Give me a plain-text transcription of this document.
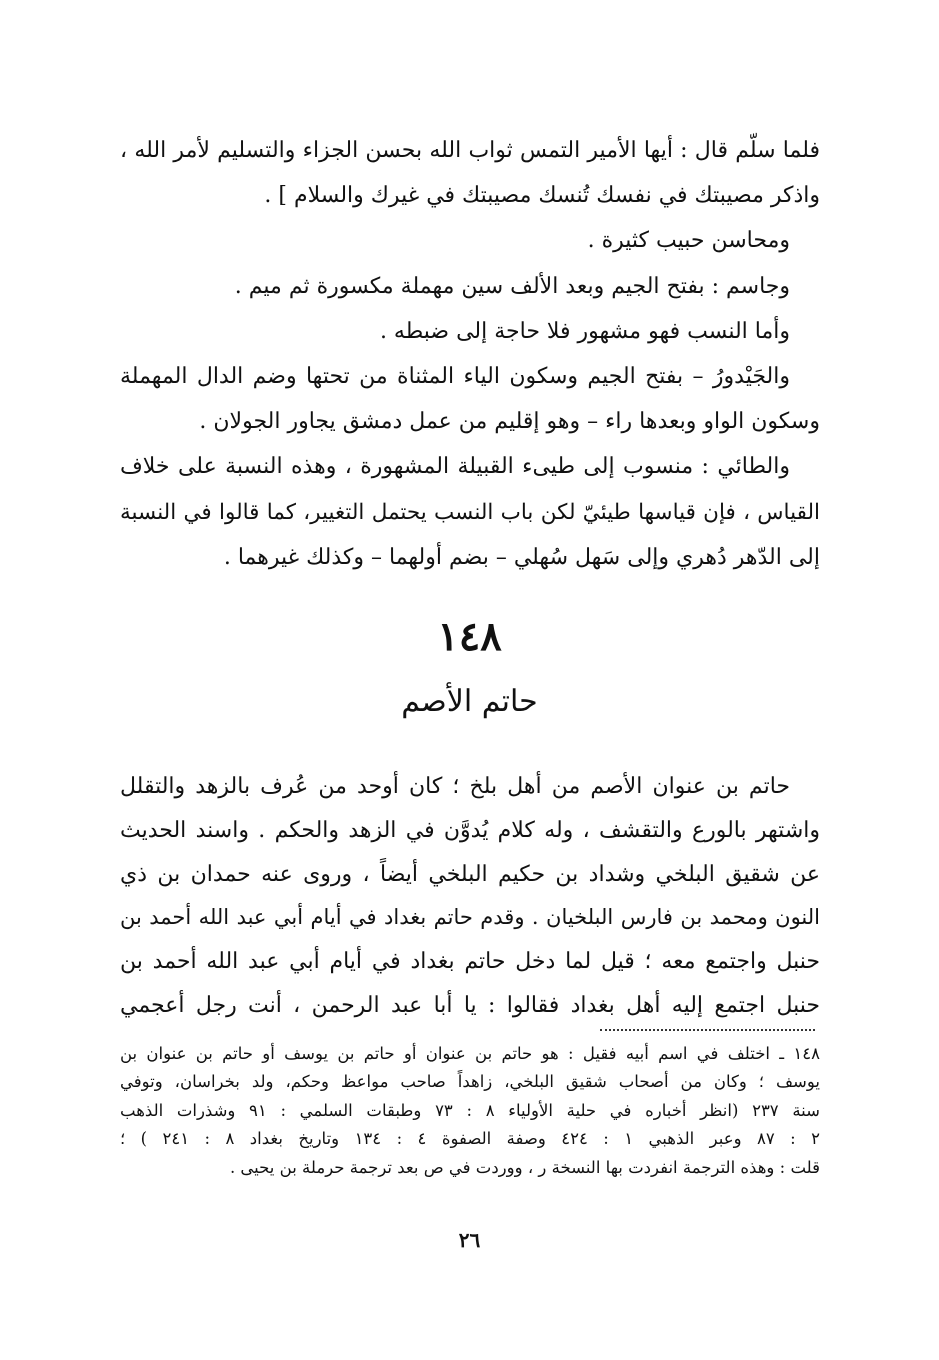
فلما سلّم قال : أيها الأمير التمس ثواب الله بحسن الجزاء والتسليم لأمر الله ،
واذكر مصيبتك في نفسك تُنسك مصيبتك في غيرك والسلام ] .
ومحاسن حبيب كثيرة .
وجاسم : بفتح الجيم وبعد الألف سين مهملة مكسورة ثم ميم .
وأما النسب فهو مشهور فلا حاجة إلى ضبطه .
والجَيْدورُ – بفتح الجيم وسكون الياء المثناة من تحتها وضم الدال المهملة
وسكون الواو وبعدها راء – وهو إقليم من عمل دمشق يجاور الجولان .
والطائي : منسوب إلى طيىء القبيلة المشهورة ، وهذه النسبة على خلاف
القياس ، فإن قياسها طيئيّ لكن باب النسب يحتمل التغيير، كما قالوا في النسبة
إلى الدّهر دُهري وإلى سَهل سُهلي – بضم أولهما – وكذلك غيرهما .
١٤٨
حاتم الأصم
حاتم بن عنوان الأصم من أهل بلخ ؛ كان أوحد من عُرف بالزهد والتقلل
واشتهر بالورع والتقشف ، وله كلام يُدوَّن في الزهد والحكم . واسند الحديث
عن شقيق البلخي وشداد بن حكيم البلخي أيضاً ، وروى عنه حمدان بن ذي
النون ومحمد بن فارس البلخيان . وقدم حاتم بغداد في أيام أبي عبد الله أحمد بن
حنبل واجتمع معه ؛ قيل لما دخل حاتم بغداد في أيام أبي عبد الله أحمد بن
حنبل اجتمع إليه أهل بغداد فقالوا : يا أبا عبد الرحمن ، أنت رجل أعجمي
١٤٨ ـ اختلف في اسم أبيه فقيل : هو حاتم بن عنوان أو حاتم بن يوسف أو حاتم بن عنوان بن
يوسف ؛ وكان من أصحاب شقيق البلخي، زاهداً صاحب مواعظ وحكم، ولد بخراسان، وتوفي
سنة ٢٣٧ (انظر أخباره في حلية الأولياء ٨ : ٧٣ وطبقات السلمي : ٩١ وشذرات الذهب
٢ : ٨٧ وعبر الذهبي ١ : ٤٢٤ وصفة الصفوة ٤ : ١٣٤ وتاريخ بغداد ٨ : ٢٤١ ) ؛
قلت : وهذه الترجمة انفردت بها النسخة ر ، ووردت في ص بعد ترجمة حرملة بن يحيى .
٢٦
